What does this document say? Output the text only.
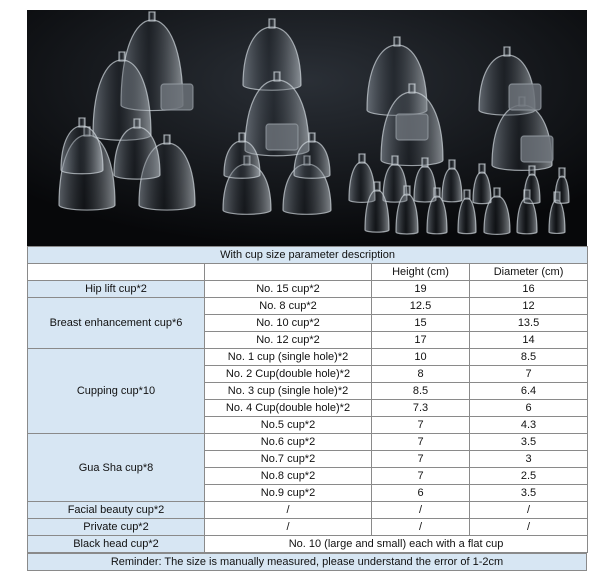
With cup size parameter description			
		Height (cm)	Diameter (cm)
Hip lift cup*2	No. 15 cup*2	19	16
Breast enhancement cup*6	No. 8 cup*2	12.5	12
	No. 10 cup*2	15	13.5
	No. 12 cup*2	17	14
Cupping cup*10	No. 1 cup (single hole)*2	10	8.5
	No. 2 Cup(double hole)*2	8	7
	No. 3 cup (single hole)*2	8.5	6.4
	No. 4 Cup(double hole)*2	7.3	6
	No.5 cup*2	7	4.3
Gua Sha cup*8	No.6 cup*2	7	3.5
	No.7 cup*2	7	3
	No.8 cup*2	7	2.5
	No.9 cup*2	6	3.5
Facial beauty cup*2	/	/	/
Private cup*2	/	/	/
Black head cup*2	No. 10 (large and small) each with a flat cup		
Reminder: The size is manually measured, please understand the error of 1-2cm
